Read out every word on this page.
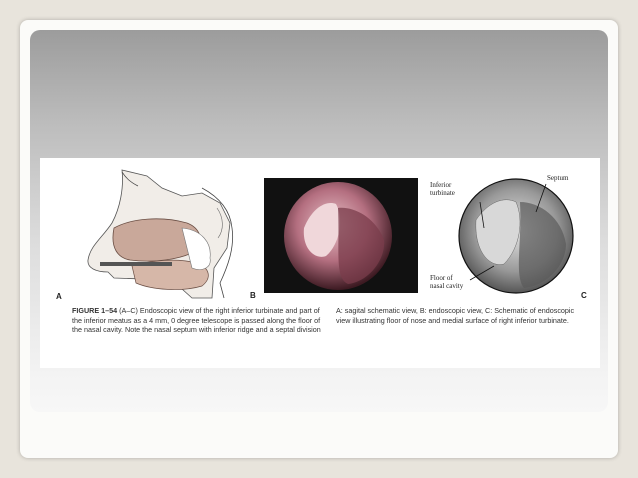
A	B
Inferior
turbinate
Septum
Floor of
nasal cavity
C
FIGURE 1–54 (A–C) Endoscopic view of the right inferior turbinate and part of the inferior meatus as a 4 mm, 0 degree telescope is passed along the floor of the nasal cavity. Note the nasal septum with inferior ridge and a septal division
A: sagital schematic view, B: endoscopic view, C: Schematic of endoscopic view illustrating floor of nose and medial surface of right inferior turbinate.
